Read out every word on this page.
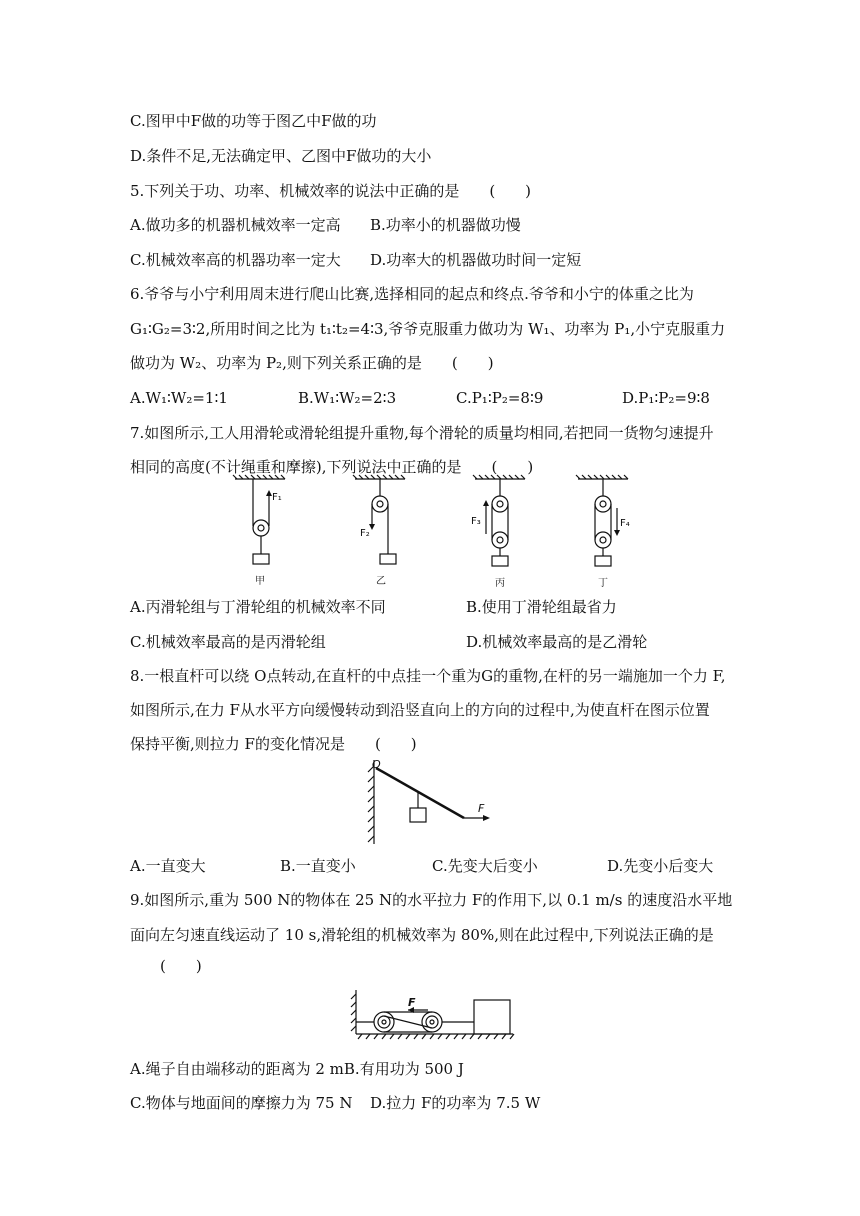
C.图甲中F做的功等于图乙中F做的功
D.条件不足,无法确定甲、乙图中F做功的大小
5.下列关于功、功率、机械效率的说法中正确的是　　(　　)
A.做功多的机器机械效率一定高 B.功率小的机器做功慢
C.机械效率高的机器功率一定大 D.功率大的机器做功时间一定短
6.爷爷与小宁利用周末进行爬山比赛,选择相同的起点和终点.爷爷和小宁的体重之比为
G₁∶G₂=3∶2,所用时间之比为 t₁∶t₂=4∶3,爷爷克服重力做功为 W₁、功率为 P₁,小宁克服重力
做功为 W₂、功率为 P₂,则下列关系正确的是　　(　　)
A.W₁∶W₂=1∶1	B.W₁∶W₂=2∶3	C.P₁∶P₂=8∶9	D.P₁∶P₂=9∶8
7.如图所示,工人用滑轮或滑轮组提升重物,每个滑轮的质量均相同,若把同一货物匀速提升
相同的高度(不计绳重和摩擦),下列说法中正确的是　　(　　)
F₁
F₂
F₃	F₄
甲	乙	丙	丁
A.丙滑轮组与丁滑轮组的机械效率不同	B.使用丁滑轮组最省力
C.机械效率最高的是丙滑轮组	D.机械效率最高的是乙滑轮
8.一根直杆可以绕 O点转动,在直杆的中点挂一个重为G的重物,在杆的另一端施加一个力 F,
如图所示,在力 F从水平方向缓慢转动到沿竖直向上的方向的过程中,为使直杆在图示位置
保持平衡,则拉力 F的变化情况是　　(　　)
O
F
A.一直变大	B.一直变小	C.先变大后变小	D.先变小后变大
9.如图所示,重为 500 N的物体在 25 N的水平拉力 F的作用下,以 0.1 m/s 的速度沿水平地
面向左匀速直线运动了 10 s,滑轮组的机械效率为 80%,则在此过程中,下列说法正确的是
(　　)
F
A.绳子自由端移动的距离为 2 mB.有用功为 500 J
C.物体与地面间的摩擦力为 75 N D.拉力 F的功率为 7.5 W
